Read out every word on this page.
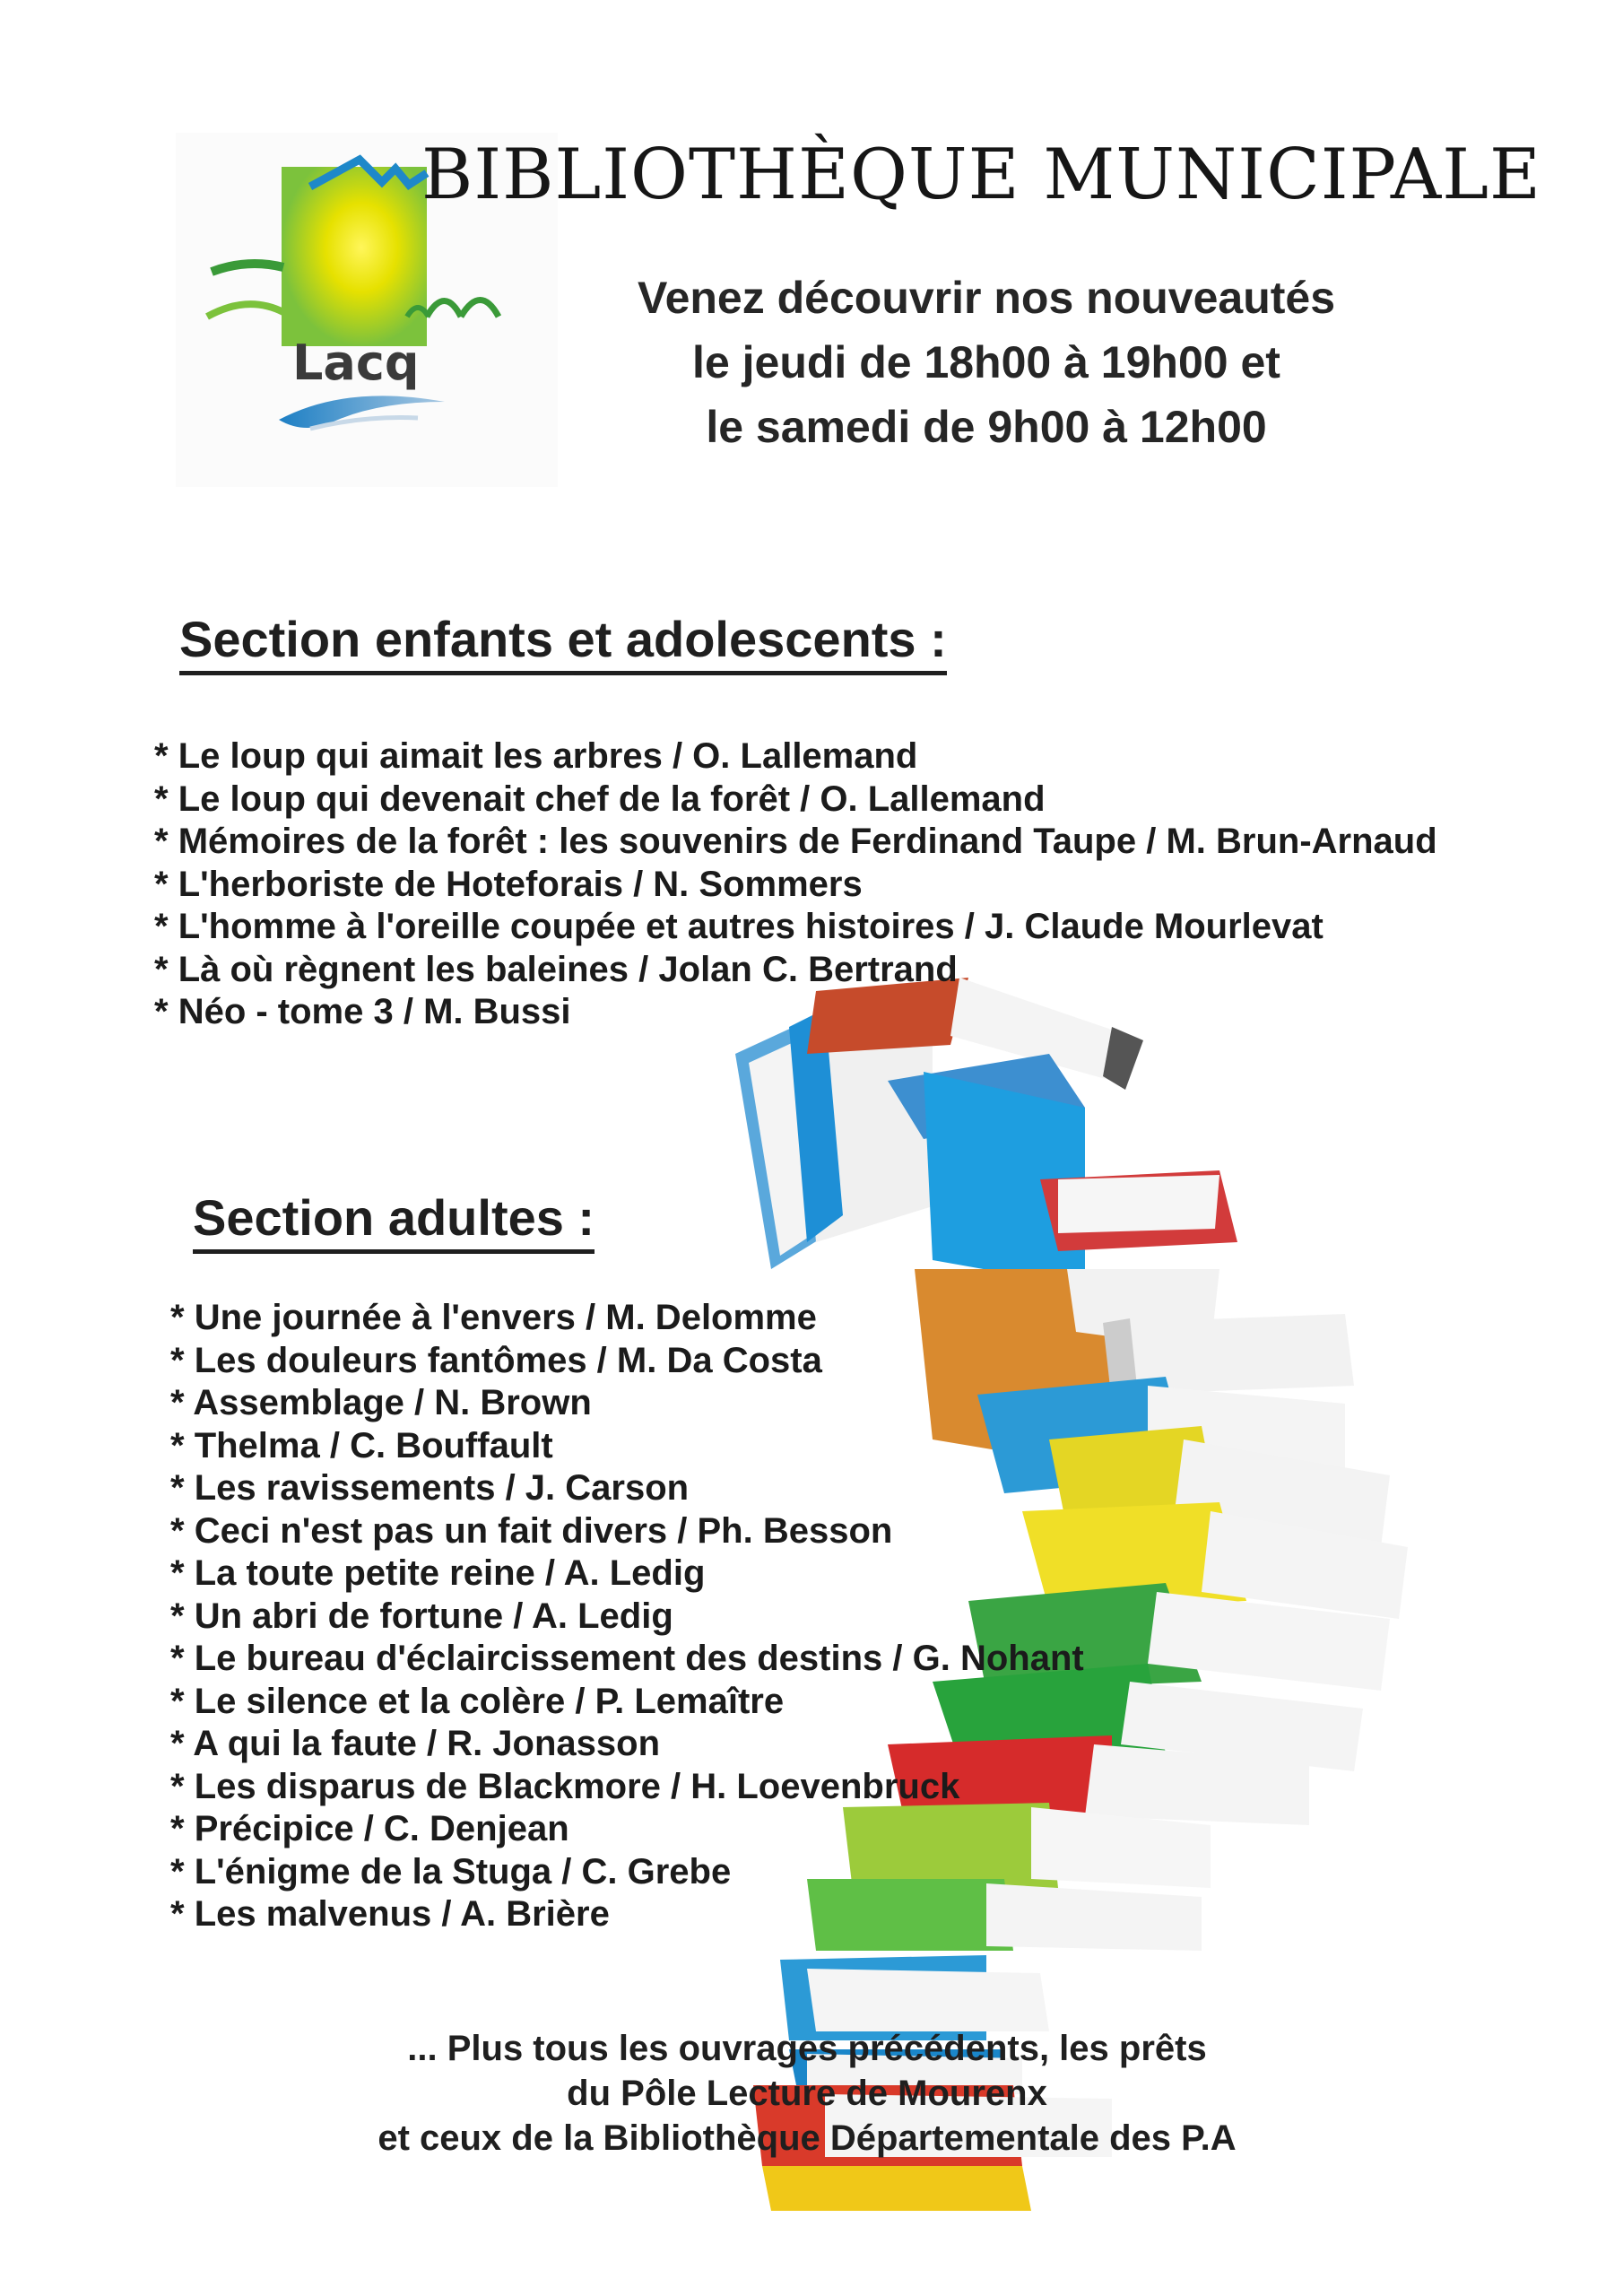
Lacq
BIBLIOTHÈQUE MUNICIPALE
Venez découvrir nos nouveautés
le jeudi de 18h00 à 19h00 et
le samedi de 9h00 à 12h00
Section enfants et adolescents :
* Le loup qui aimait les arbres / O. Lallemand
* Le loup qui devenait chef de la forêt / O. Lallemand
* Mémoires de la forêt : les souvenirs de Ferdinand Taupe / M. Brun-Arnaud
* L'herboriste de Hoteforais / N. Sommers
* L'homme à l'oreille coupée et autres histoires / J. Claude Mourlevat
* Là où règnent les baleines / Jolan C. Bertrand
* Néo - tome 3 / M. Bussi
Section adultes :
* Une journée à l'envers / M. Delomme
* Les douleurs fantômes / M. Da Costa
* Assemblage / N. Brown
* Thelma / C. Bouffault
* Les ravissements / J. Carson
* Ceci n'est pas un fait divers / Ph. Besson
* La toute petite reine / A. Ledig
* Un abri de fortune / A. Ledig
* Le bureau d'éclaircissement des destins / G. Nohant
* Le silence et la colère / P. Lemaître
* A qui la faute / R. Jonasson
* Les disparus de Blackmore / H. Loevenbruck
* Précipice / C. Denjean
* L'énigme de la Stuga / C. Grebe
* Les malvenus / A. Brière
... Plus tous les ouvrages précédents, les prêts
du Pôle Lecture de Mourenx
et ceux de la Bibliothèque Départementale des P.A
